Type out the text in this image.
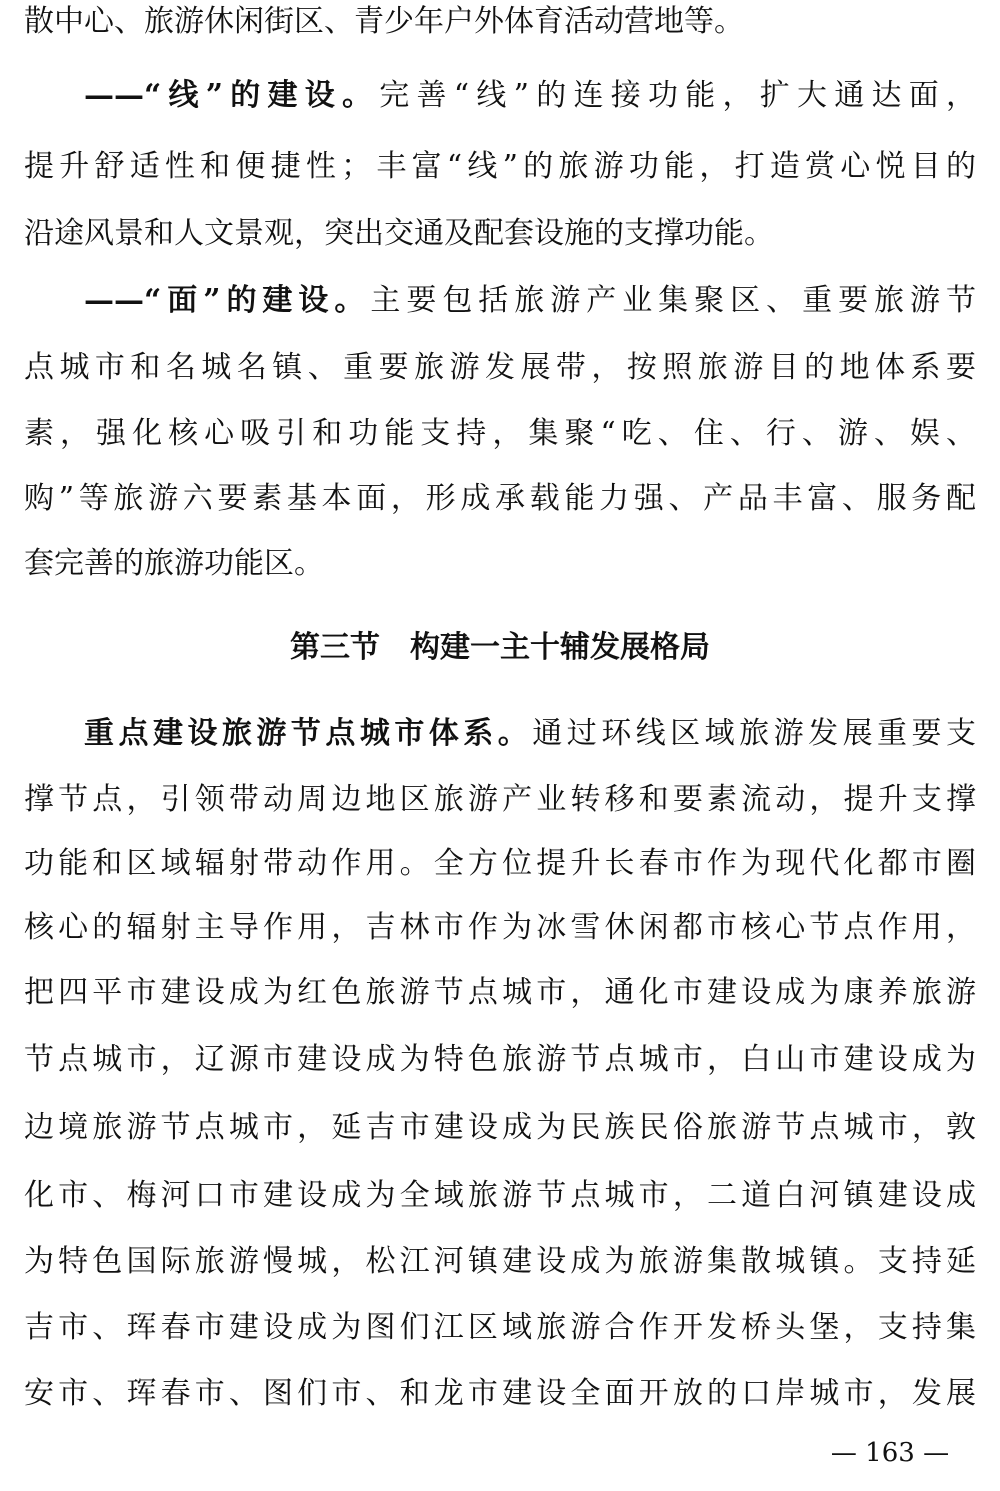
散中心、旅游休闲街区、青少年户外体育活动营地等。
——“线”的建设。完善“线”的连接功能，扩大通达面，
提升舒适性和便捷性；丰富“线”的旅游功能，打造赏心悦目的
沿途风景和人文景观，突出交通及配套设施的支撑功能。
——“面”的建设。主要包括旅游产业集聚区、重要旅游节
点城市和名城名镇、重要旅游发展带，按照旅游目的地体系要
素，强化核心吸引和功能支持，集聚“吃、住、行、游、娱、
购”等旅游六要素基本面，形成承载能力强、产品丰富、服务配
套完善的旅游功能区。
第三节　构建一主十辅发展格局
重点建设旅游节点城市体系。通过环线区域旅游发展重要支
撑节点，引领带动周边地区旅游产业转移和要素流动，提升支撑
功能和区域辐射带动作用。全方位提升长春市作为现代化都市圈
核心的辐射主导作用，吉林市作为冰雪休闲都市核心节点作用，
把四平市建设成为红色旅游节点城市，通化市建设成为康养旅游
节点城市，辽源市建设成为特色旅游节点城市，白山市建设成为
边境旅游节点城市，延吉市建设成为民族民俗旅游节点城市，敦
化市、梅河口市建设成为全域旅游节点城市，二道白河镇建设成
为特色国际旅游慢城，松江河镇建设成为旅游集散城镇。支持延
吉市、珲春市建设成为图们江区域旅游合作开发桥头堡，支持集
安市、珲春市、图们市、和龙市建设全面开放的口岸城市，发展
— 163 —
